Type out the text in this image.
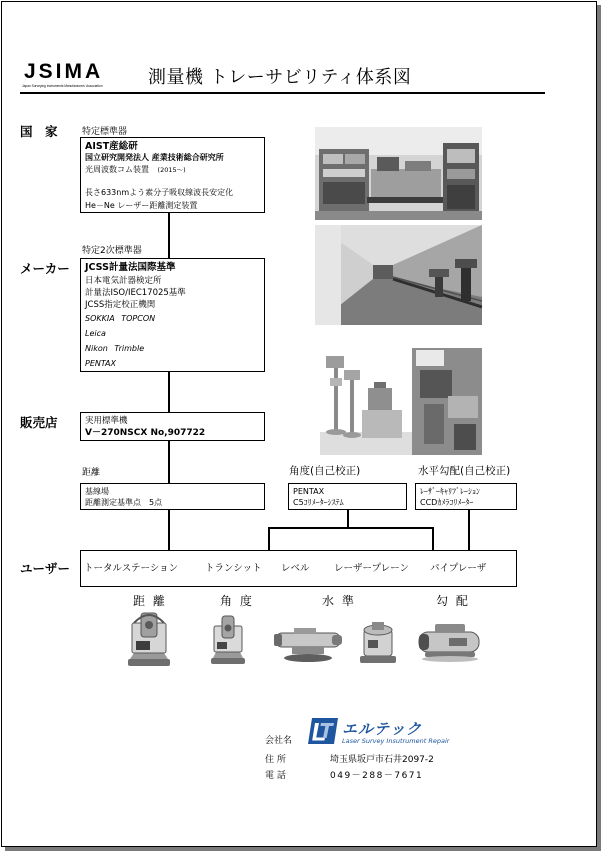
JSIMA
Japan Surveying Instruments Manufacturers' Association	測量機 トレーサビリティ体系図
国　家
メーカー
販売店
ユーザー
特定標準器
AIST産総研
国立研究開発法人 産業技術総合研究所
光周波数コム装置 (2015～)
長さ633nmよう素分子吸収線波長安定化
He－Ne レーザー距離測定装置
特定2次標準器
JCSS計量法国際基準
日本電気計器検定所
計量法ISO/IEC17025基準
JCSS指定校正機関
SOKKIA TOPCON
Leica
Nikon Trimble
PENTAX
実用標準機
V－270NSCX No,907722
距離	角度(自己校正)	水平勾配(自己校正)
基線場
距離測定基準点　5点
PENTAX
C5ｺﾘﾒｰﾀｰｼｽﾃﾑ
ﾚｰｻﾞｰｷｬﾘﾌﾞﾚｰｼｮﾝ
CCDｶﾒﾗｺﾘﾒｰﾀｰ
トータルステーション	トランシット レベル	レーザープレーン パイプレーザ
距 離	角 度	水 準	勾 配
会社名
エルテック
Laser Survey Insutrument Repair
住 所	埼玉県坂戸市石井2097-2
電 話	049－288－7671
